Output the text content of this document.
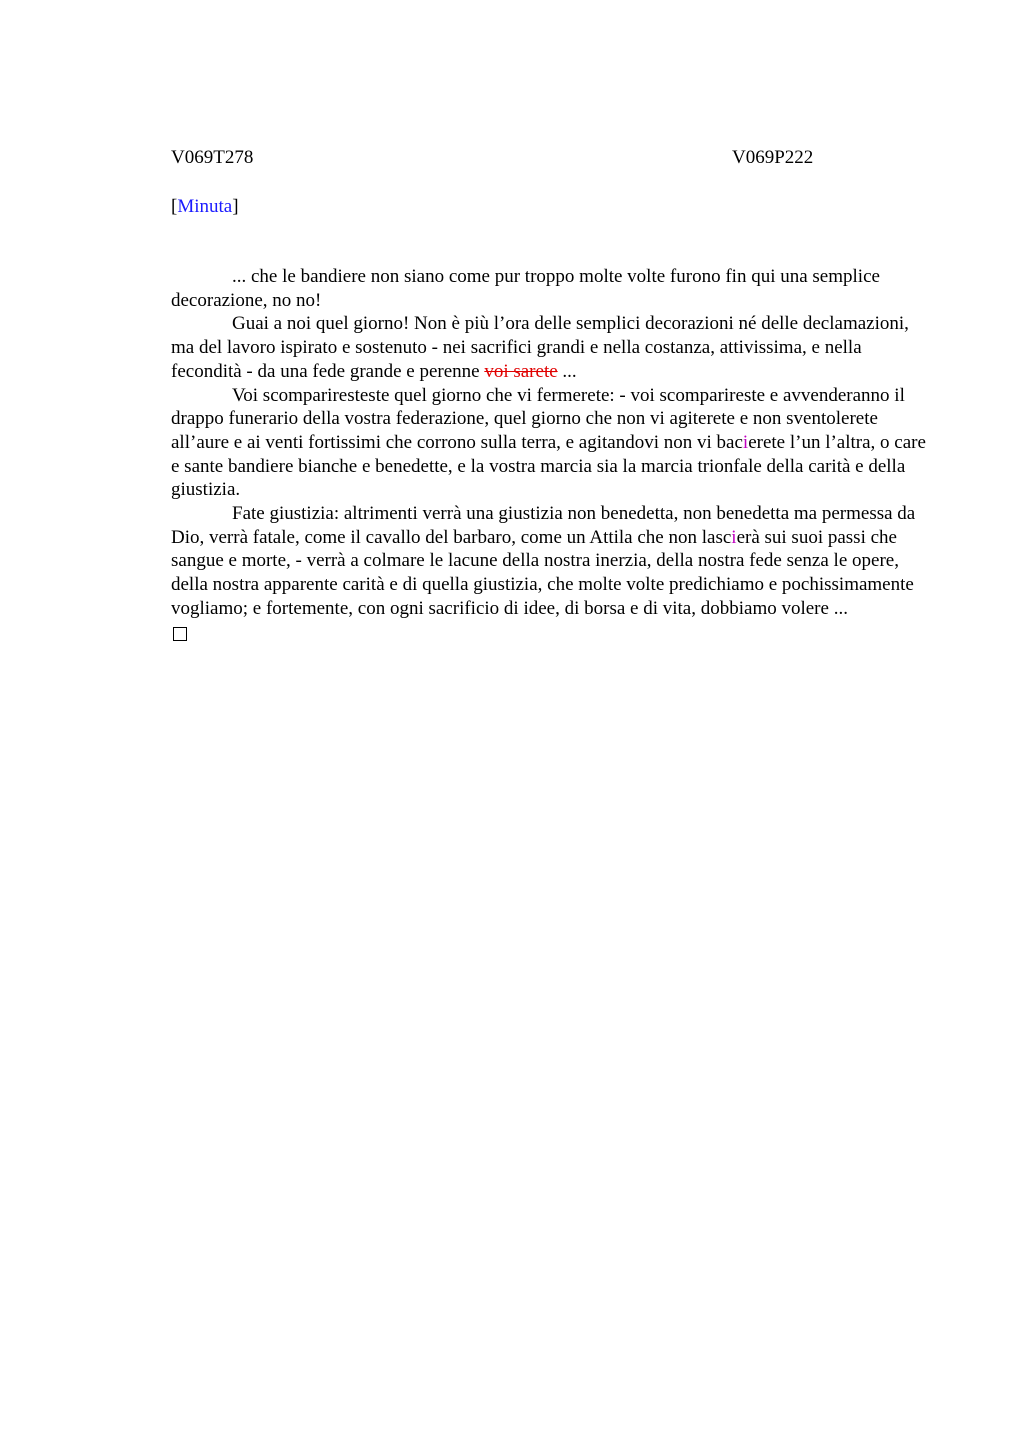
V069T278	V069P222
[Minuta]

... che le bandiere non siano come pur troppo molte volte furono fin qui una semplice decorazione, no no!

Guai a noi quel giorno! Non è più l’ora delle semplici decorazioni né delle declamazioni, ma del lavoro ispirato e sostenuto - nei sacrifici grandi e nella costanza, attivissima, e nella fecondità - da una fede grande e perenne voi sarete ...

Voi scompariresteste quel giorno che vi fermerete: - voi scomparireste e avvenderanno il drappo funerario della vostra federazione, quel giorno che non vi agiterete e non sventolerete all’aure e ai venti fortissimi che corrono sulla terra, e agitandovi non vi bacierete l’un l’altra, o care e sante bandiere bianche e benedette, e la vostra marcia sia la marcia trionfale della carità e della giustizia.

Fate giustizia: altrimenti verrà una giustizia non benedetta, non benedetta ma permessa da Dio, verrà fatale, come il cavallo del barbaro, come un Attila che non lascierà sui suoi passi che sangue e morte, - verrà a colmare le lacune della nostra inerzia, della nostra fede senza le opere, della nostra apparente carità e di quella giustizia, che molte volte predichiamo e pochissimamente vogliamo; e fortemente, con ogni sacrificio di idee, di borsa e di vita, dobbiamo volere ...
